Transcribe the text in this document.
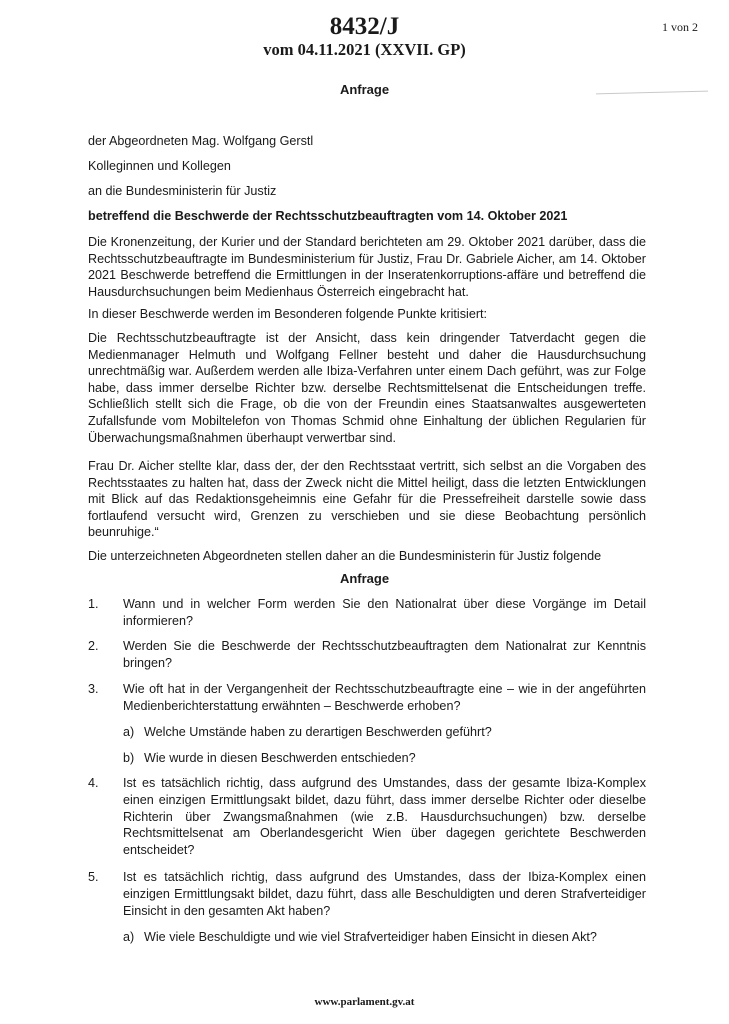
8432/J
vom 04.11.2021 (XXVII. GP)
1 von 2
Anfrage
der Abgeordneten Mag. Wolfgang Gerstl
Kolleginnen und Kollegen
an die Bundesministerin für Justiz
betreffend die Beschwerde der Rechtsschutzbeauftragten vom 14. Oktober 2021
Die Kronenzeitung, der Kurier und der Standard berichteten am 29. Oktober 2021 darüber, dass die Rechtsschutzbeauftragte im Bundesministerium für Justiz, Frau Dr. Gabriele Aicher, am 14. Oktober 2021 Beschwerde betreffend die Ermittlungen in der Inseratenkorruptions-affäre und betreffend die Hausdurchsuchungen beim Medienhaus Österreich eingebracht hat.
In dieser Beschwerde werden im Besonderen folgende Punkte kritisiert:
Die Rechtsschutzbeauftragte ist der Ansicht, dass kein dringender Tatverdacht gegen die Medienmanager Helmuth und Wolfgang Fellner besteht und daher die Hausdurchsuchung unrechtmäßig war. Außerdem werden alle Ibiza-Verfahren unter einem Dach geführt, was zur Folge habe, dass immer derselbe Richter bzw. derselbe Rechtsmittelsenat die Entscheidungen treffe. Schließlich stellt sich die Frage, ob die von der Freundin eines Staatsanwaltes ausgewerteten Zufallsfunde vom Mobiltelefon von Thomas Schmid ohne Einhaltung der üblichen Regularien für Überwachungsmaßnahmen überhaupt verwertbar sind.
Frau Dr. Aicher stellte klar, dass der, der den Rechtsstaat vertritt, sich selbst an die Vorgaben des Rechtsstaates zu halten hat, dass der Zweck nicht die Mittel heiligt, dass die letzten Entwicklungen mit Blick auf das Redaktionsgeheimnis eine Gefahr für die Pressefreiheit darstelle sowie dass fortlaufend versucht wird, Grenzen zu verschieben und sie diese Beobachtung persönlich beunruhige.“
Die unterzeichneten Abgeordneten stellen daher an die Bundesministerin für Justiz folgende
Anfrage
1.	Wann und in welcher Form werden Sie den Nationalrat über diese Vorgänge im Detail informieren?
2.	Werden Sie die Beschwerde der Rechtsschutzbeauftragten dem Nationalrat zur Kenntnis bringen?
3.	Wie oft hat in der Vergangenheit der Rechtsschutzbeauftragte eine – wie in der angeführten Medienberichterstattung erwähnten – Beschwerde erhoben?
a) Welche Umstände haben zu derartigen Beschwerden geführt?
b) Wie wurde in diesen Beschwerden entschieden?
4.	Ist es tatsächlich richtig, dass aufgrund des Umstandes, dass der gesamte Ibiza-Komplex einen einzigen Ermittlungsakt bildet, dazu führt, dass immer derselbe Richter oder dieselbe Richterin über Zwangsmaßnahmen (wie z.B. Hausdurchsuchungen) bzw. derselbe Rechtsmittelsenat am Oberlandesgericht Wien über dagegen gerichtete Beschwerden entscheidet?
5.	Ist es tatsächlich richtig, dass aufgrund des Umstandes, dass der Ibiza-Komplex einen einzigen Ermittlungsakt bildet, dazu führt, dass alle Beschuldigten und deren Strafverteidiger Einsicht in den gesamten Akt haben?
a) Wie viele Beschuldigte und wie viel Strafverteidiger haben Einsicht in diesen Akt?
www.parlament.gv.at
